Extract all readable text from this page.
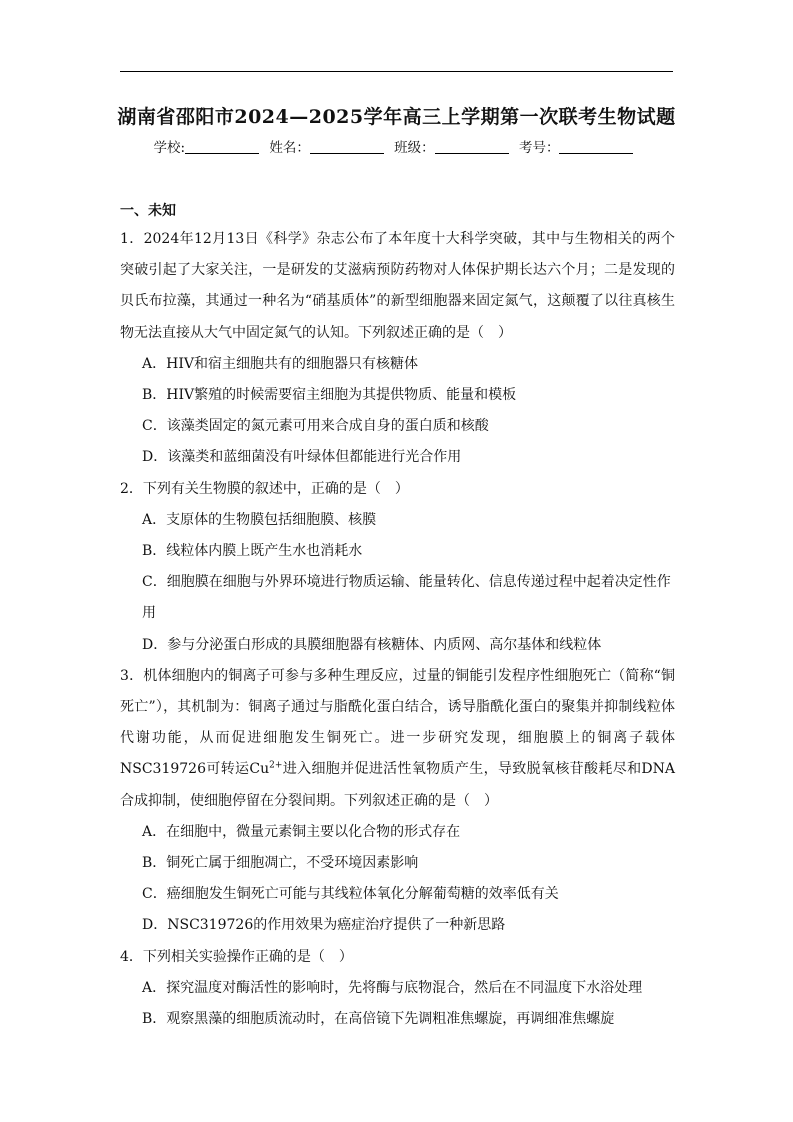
湖南省邵阳市2024—2025学年高三上学期第一次联考生物试题
学校:	姓名：	班级：	考号：
一、未知

1．2024年12月13日《科学》杂志公布了本年度十大科学突破，其中与生物相关的两个突破引起了大家关注，一是研发的艾滋病预防药物对人体保护期长达六个月；二是发现的贝氏布拉藻，其通过一种名为“硝基质体”的新型细胞器来固定氮气，这颠覆了以往真核生物无法直接从大气中固定氮气的认知。下列叙述正确的是（　）

A．HIV和宿主细胞共有的细胞器只有核糖体

B．HIV繁殖的时候需要宿主细胞为其提供物质、能量和模板

C．该藻类固定的氮元素可用来合成自身的蛋白质和核酸

D．该藻类和蓝细菌没有叶绿体但都能进行光合作用

2．下列有关生物膜的叙述中，正确的是（　）

A．支原体的生物膜包括细胞膜、核膜

B．线粒体内膜上既产生水也消耗水

C．细胞膜在细胞与外界环境进行物质运输、能量转化、信息传递过程中起着决定性作

用

D．参与分泌蛋白形成的具膜细胞器有核糖体、内质网、高尔基体和线粒体

3．机体细胞内的铜离子可参与多种生理反应，过量的铜能引发程序性细胞死亡（简称“铜死亡”），其机制为：铜离子通过与脂酰化蛋白结合，诱导脂酰化蛋白的聚集并抑制线粒体代谢功能，从而促进细胞发生铜死亡。进一步研究发现，细胞膜上的铜离子载体NSC319726可转运$Cu^{2+}$进入细胞并促进活性氧物质产生，导致脱氧核苷酸耗尽和DNA合成抑制，使细胞停留在分裂间期。下列叙述正确的是（　）

A．在细胞中，微量元素铜主要以化合物的形式存在

B．铜死亡属于细胞凋亡，不受环境因素影响

C．癌细胞发生铜死亡可能与其线粒体氧化分解葡萄糖的效率低有关

D．NSC319726的作用效果为癌症治疗提供了一种新思路

4．下列相关实验操作正确的是（　）

A．探究温度对酶活性的影响时，先将酶与底物混合，然后在不同温度下水浴处理

B．观察黑藻的细胞质流动时，在高倍镜下先调粗准焦螺旋，再调细准焦螺旋
